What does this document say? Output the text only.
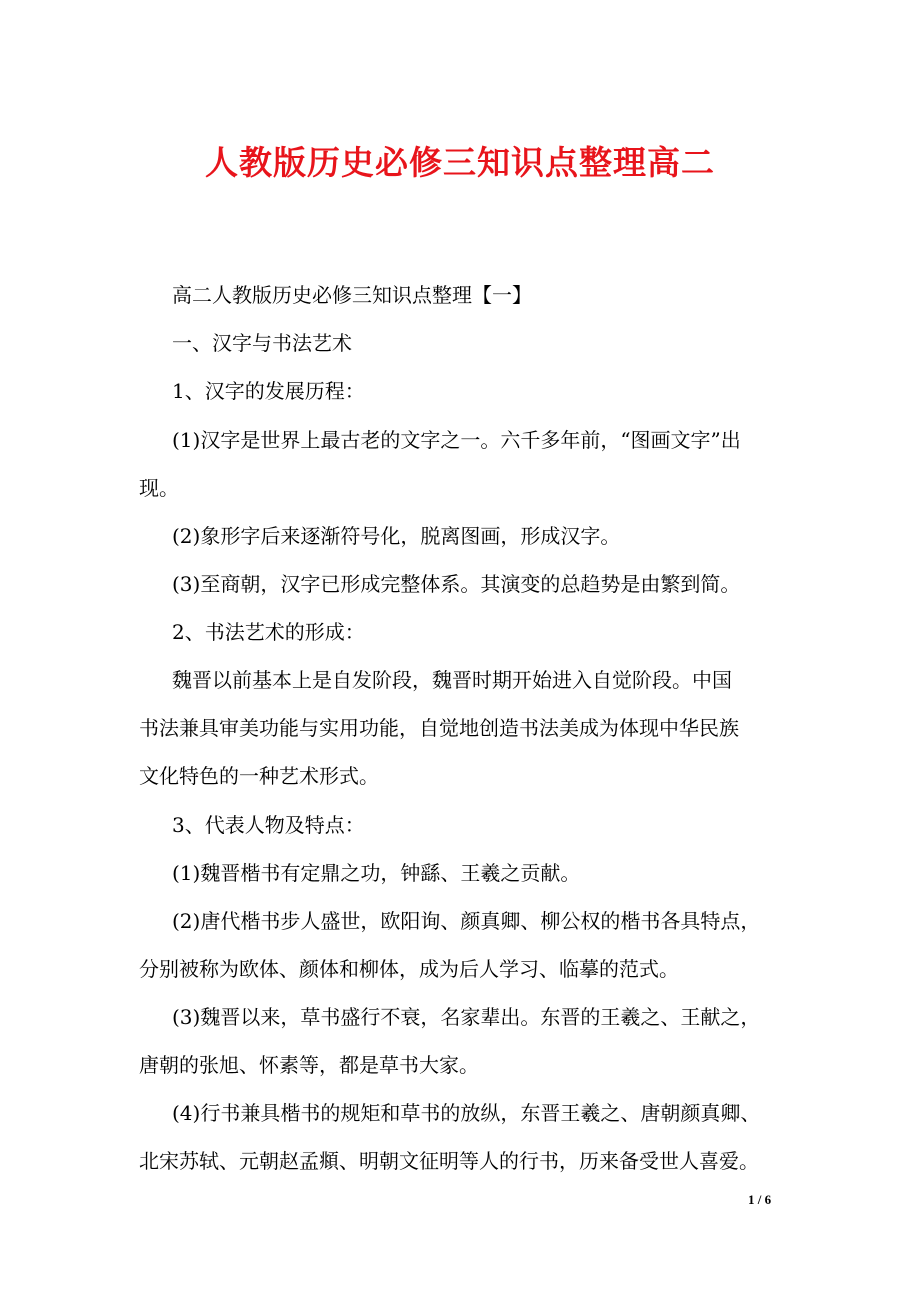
人教版历史必修三知识点整理高二

高二人教版历史必修三知识点整理【一】

一、汉字与书法艺术

1、汉字的发展历程：

(1)汉字是世界上最古老的文字之一。六千多年前，“图画文字”出

现。

(2)象形字后来逐渐符号化，脱离图画，形成汉字。

(3)至商朝，汉字已形成完整体系。其演变的总趋势是由繁到简。

2、书法艺术的形成：

魏晋以前基本上是自发阶段，魏晋时期开始进入自觉阶段。中国

书法兼具审美功能与实用功能，自觉地创造书法美成为体现中华民族

文化特色的一种艺术形式。

3、代表人物及特点：

(1)魏晋楷书有定鼎之功，钟繇、王羲之贡献。

(2)唐代楷书步人盛世，欧阳询、颜真卿、柳公权的楷书各具特点，

分别被称为欧体、颜体和柳体，成为后人学习、临摹的范式。

(3)魏晋以来，草书盛行不衰，名家辈出。东晋的王羲之、王献之，

唐朝的张旭、怀素等，都是草书大家。

(4)行书兼具楷书的规矩和草书的放纵，东晋王羲之、唐朝颜真卿、

北宋苏轼、元朝赵孟頫、明朝文征明等人的行书，历来备受世人喜爱。

1 / 6
